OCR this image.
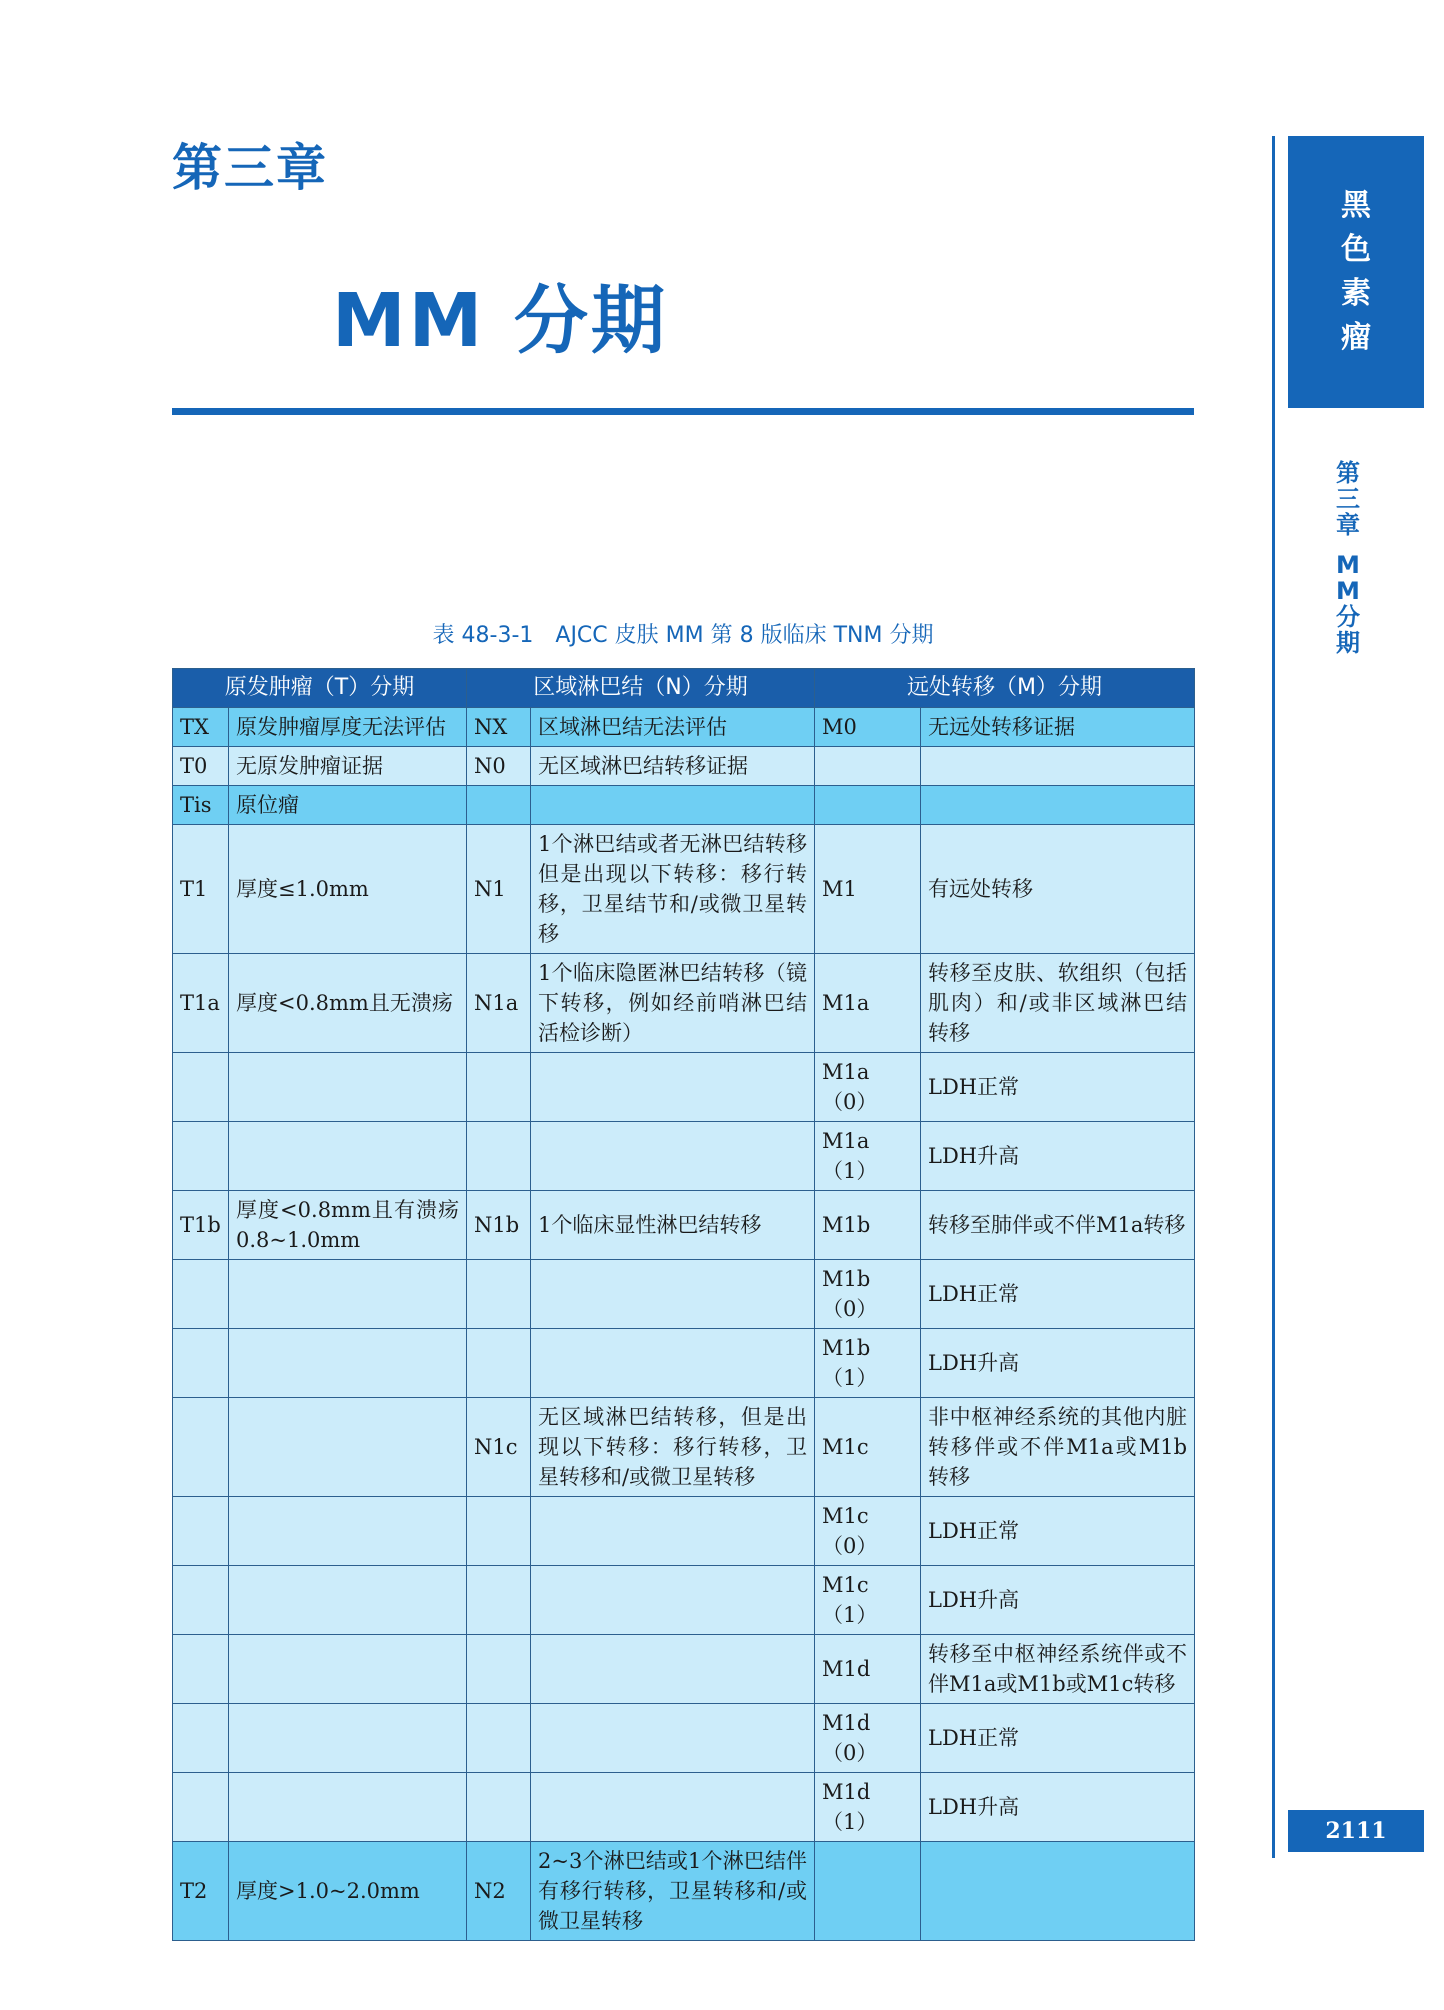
第三章
MM 分期
黑
色
素
瘤
第三章
MM分期
2111
表 48-3-1　AJCC 皮肤 MM 第 8 版临床 TNM 分期
原发肿瘤（T）分期		区域淋巴结（N）分期		远处转移（M）分期	
TX	原发肿瘤厚度无法评估	NX	区域淋巴结无法评估	M0	无远处转移证据
T0	无原发肿瘤证据	N0	无区域淋巴结转移证据		
Tis	原位瘤				
T1	厚度≤1.0mm	N1	1个淋巴结或者无淋巴结转移但是出现以下转移：移行转移，卫星结节和/或微卫星转移	M1	有远处转移
T1a	厚度<0.8mm且无溃疡	N1a	1个临床隐匿淋巴结转移（镜下转移，例如经前哨淋巴结活检诊断）	M1a	转移至皮肤、软组织（包括肌肉）和/或非区域淋巴结转移
				M1a（0）	LDH正常
				M1a（1）	LDH升高
T1b	厚度<0.8mm且有溃疡0.8~1.0mm	N1b	1个临床显性淋巴结转移	M1b	转移至肺伴或不伴M1a转移
				M1b（0）	LDH正常
				M1b（1）	LDH升高
		N1c	无区域淋巴结转移，但是出现以下转移：移行转移，卫星转移和/或微卫星转移	M1c	非中枢神经系统的其他内脏转移伴或不伴M1a或M1b转移
				M1c（0）	LDH正常
				M1c（1）	LDH升高
				M1d	转移至中枢神经系统伴或不伴M1a或M1b或M1c转移
				M1d（0）	LDH正常
				M1d（1）	LDH升高
T2	厚度>1.0~2.0mm	N2	2~3个淋巴结或1个淋巴结伴有移行转移，卫星转移和/或微卫星转移		
